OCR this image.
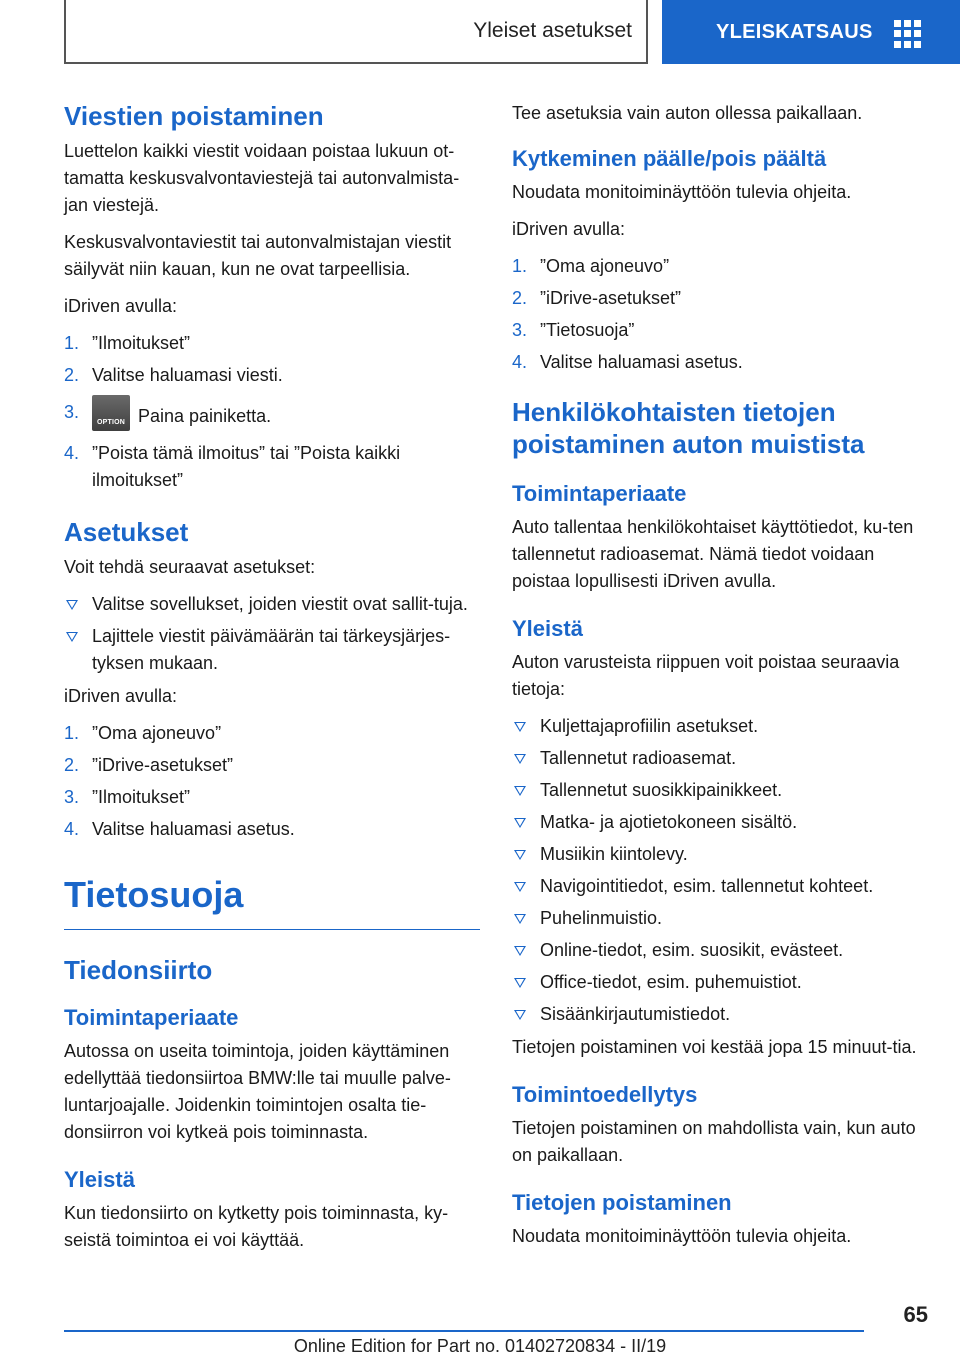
Yleiset asetukset	YLEISKATSAUS
Viestien poistaminen

Luettelon kaikki viestit voidaan poistaa lukuun ot-tamatta keskusvalvontaviestejä tai autonvalmista-jan viestejä.

Keskusvalvontaviestit tai autonvalmistajan viestit säilyvät niin kauan, kun ne ovat tarpeellisia.

iDriven avulla:

1. ”Ilmoitukset”
2. Valitse haluamasi viesti.
3.
OPTION Paina painiketta.
4. ”Poista tämä ilmoitus” tai ”Poista kaikki ilmoitukset”
Asetukset

Voit tehdä seuraavat asetukset:

Valitse sovellukset, joiden viestit ovat sallit-tuja.
Lajittele viestit päivämäärän tai tärkeysjärjes-tyksen mukaan.

iDriven avulla:

1. ”Oma ajoneuvo”
2. ”iDrive-asetukset”
3. ”Ilmoitukset”
4. Valitse haluamasi asetus.
Tietosuoja
Tiedonsiirto
Toimintaperiaate

Autossa on useita toimintoja, joiden käyttäminen edellyttää tiedonsiirtoa BMW:lle tai muulle palve-luntarjoajalle. Joidenkin toimintojen osalta tie-donsiirron voi kytkeä pois toiminnasta.

Yleistä

Kun tiedonsiirto on kytketty pois toiminnasta, ky-seistä toimintoa ei voi käyttää.

Tee asetuksia vain auton ollessa paikallaan.

Kytkeminen päälle/pois päältä

Noudata monitoiminäyttöön tulevia ohjeita.

iDriven avulla:

1. ”Oma ajoneuvo”
2. ”iDrive-asetukset”
3. ”Tietosuoja”
4. Valitse haluamasi asetus.
Henkilökohtaisten tietojen poistaminen auton muistista
Toimintaperiaate

Auto tallentaa henkilökohtaiset käyttötiedot, ku-ten tallennetut radioasemat. Nämä tiedot voidaan poistaa lopullisesti iDriven avulla.

Yleistä

Auton varusteista riippuen voit poistaa seuraavia tietoja:

Kuljettajaprofiilin asetukset.
Tallennetut radioasemat.
Tallennetut suosikkipainikkeet.
Matka- ja ajotietokoneen sisältö.
Musiikin kiintolevy.
Navigointitiedot, esim. tallennetut kohteet.
Puhelinmuistio.
Online-tiedot, esim. suosikit, evästeet.
Office-tiedot, esim. puhemuistiot.
Sisäänkirjautumistiedot.

Tietojen poistaminen voi kestää jopa 15 minuut-tia.

Toimintoedellytys

Tietojen poistaminen on mahdollista vain, kun auto on paikallaan.

Tietojen poistaminen

Noudata monitoiminäyttöön tulevia ohjeita.

65
Online Edition for Part no. 01402720834 - II/19
